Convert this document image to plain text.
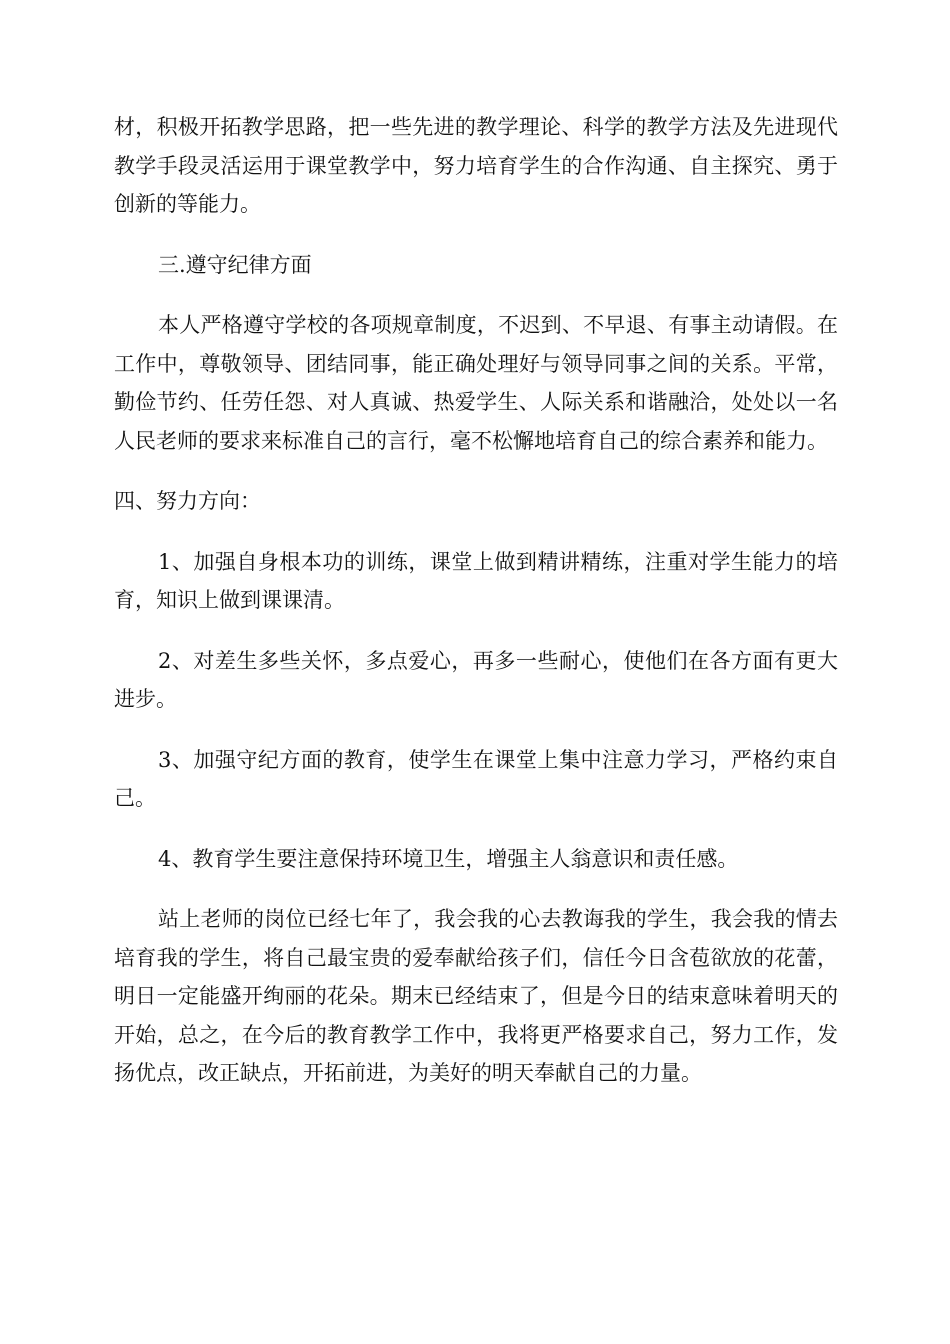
材，积极开拓教学思路，把一些先进的教学理论、科学的教学方法及先进现代教学手段灵活运用于课堂教学中，努力培育学生的合作沟通、自主探究、勇于创新的等能力。

三.遵守纪律方面

本人严格遵守学校的各项规章制度，不迟到、不早退、有事主动请假。在工作中，尊敬领导、团结同事，能正确处理好与领导同事之间的关系。平常，勤俭节约、任劳任怨、对人真诚、热爱学生、人际关系和谐融洽，处处以一名人民老师的要求来标准自己的言行，毫不松懈地培育自己的综合素养和能力。

四、努力方向：

1、加强自身根本功的训练，课堂上做到精讲精练，注重对学生能力的培育，知识上做到课课清。

2、对差生多些关怀，多点爱心，再多一些耐心，使他们在各方面有更大进步。

3、加强守纪方面的教育，使学生在课堂上集中注意力学习，严格约束自己。

4、教育学生要注意保持环境卫生，增强主人翁意识和责任感。

站上老师的岗位已经七年了，我会我的心去教诲我的学生，我会我的情去培育我的学生，将自己最宝贵的爱奉献给孩子们，信任今日含苞欲放的花蕾，明日一定能盛开绚丽的花朵。期末已经结束了，但是今日的结束意味着明天的开始，总之，在今后的教育教学工作中，我将更严格要求自己，努力工作，发扬优点，改正缺点，开拓前进，为美好的明天奉献自己的力量。
